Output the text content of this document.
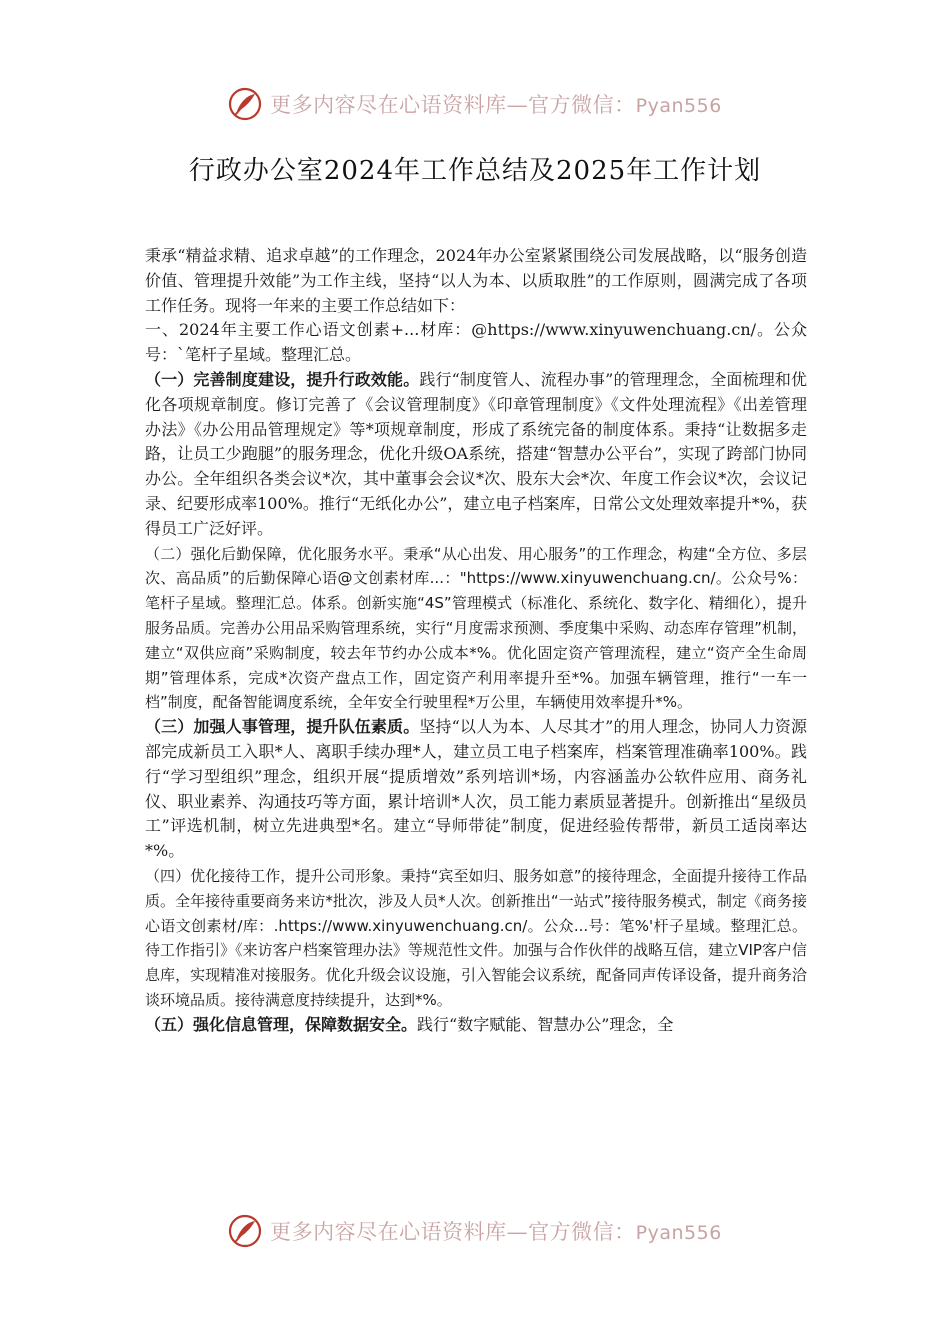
更多内容尽在心语资料库—官方微信：Pyan556
行政办公室2024年工作总结及2025年工作计划

秉承“精益求精、追求卓越”的工作理念，2024年办公室紧紧围绕公司发展战略，以“服务创造价值、管理提升效能”为工作主线，坚持“以人为本、以质取胜”的工作原则，圆满完成了各项工作任务。现将一年来的主要工作总结如下：

一、2024年主要工作心语文创素+...材库：@https://www.xinyuwenchuang.cn/。公众号：`笔杆子星域。整理汇总。

（一）完善制度建设，提升行政效能。践行“制度管人、流程办事”的管理理念，全面梳理和优化各项规章制度。修订完善了《会议管理制度》《印章管理制度》《文件处理流程》《出差管理办法》《办公用品管理规定》等*项规章制度，形成了系统完备的制度体系。秉持“让数据多走路，让员工少跑腿”的服务理念，优化升级OA系统，搭建“智慧办公平台”，实现了跨部门协同办公。全年组织各类会议*次，其中董事会会议*次、股东大会*次、年度工作会议*次，会议记录、纪要形成率100%。推行“无纸化办公”，建立电子档案库，日常公文处理效率提升*%，获得员工广泛好评。

（二）强化后勤保障，优化服务水平。秉承“从心出发、用心服务”的工作理念，构建“全方位、多层次、高品质”的后勤保障心语@文创素材库...："https://www.xinyuwenchuang.cn/。公众号%：笔杆子星域。整理汇总。体系。创新实施“4S”管理模式（标准化、系统化、数字化、精细化），提升服务品质。完善办公用品采购管理系统，实行“月度需求预测、季度集中采购、动态库存管理”机制，建立“双供应商”采购制度，较去年节约办公成本*%。优化固定资产管理流程，建立“资产全生命周期”管理体系，完成*次资产盘点工作，固定资产利用率提升至*%。加强车辆管理，推行“一车一档”制度，配备智能调度系统，全年安全行驶里程*万公里，车辆使用效率提升*%。

（三）加强人事管理，提升队伍素质。坚持“以人为本、人尽其才”的用人理念，协同人力资源部完成新员工入职*人、离职手续办理*人，建立员工电子档案库，档案管理准确率100%。践行“学习型组织”理念，组织开展“提质增效”系列培训*场，内容涵盖办公软件应用、商务礼仪、职业素养、沟通技巧等方面，累计培训*人次，员工能力素质显著提升。创新推出“星级员工”评选机制，树立先进典型*名。建立“导师带徒”制度，促进经验传帮带，新员工适岗率达*%。

（四）优化接待工作，提升公司形象。秉持“宾至如归、服务如意”的接待理念，全面提升接待工作品质。全年接待重要商务来访*批次，涉及人员*人次。创新推出“一站式”接待服务模式，制定《商务接心语文创素材/库：.https://www.xinyuwenchuang.cn/。公众...号：笔%'杆子星域。整理汇总。待工作指引》《来访客户档案管理办法》等规范性文件。加强与合作伙伴的战略互信，建立VIP客户信息库，实现精准对接服务。优化升级会议设施，引入智能会议系统，配备同声传译设备，提升商务洽谈环境品质。接待满意度持续提升，达到*%。

（五）强化信息管理，保障数据安全。践行“数字赋能、智慧办公”理念，全

更多内容尽在心语资料库—官方微信：Pyan556
